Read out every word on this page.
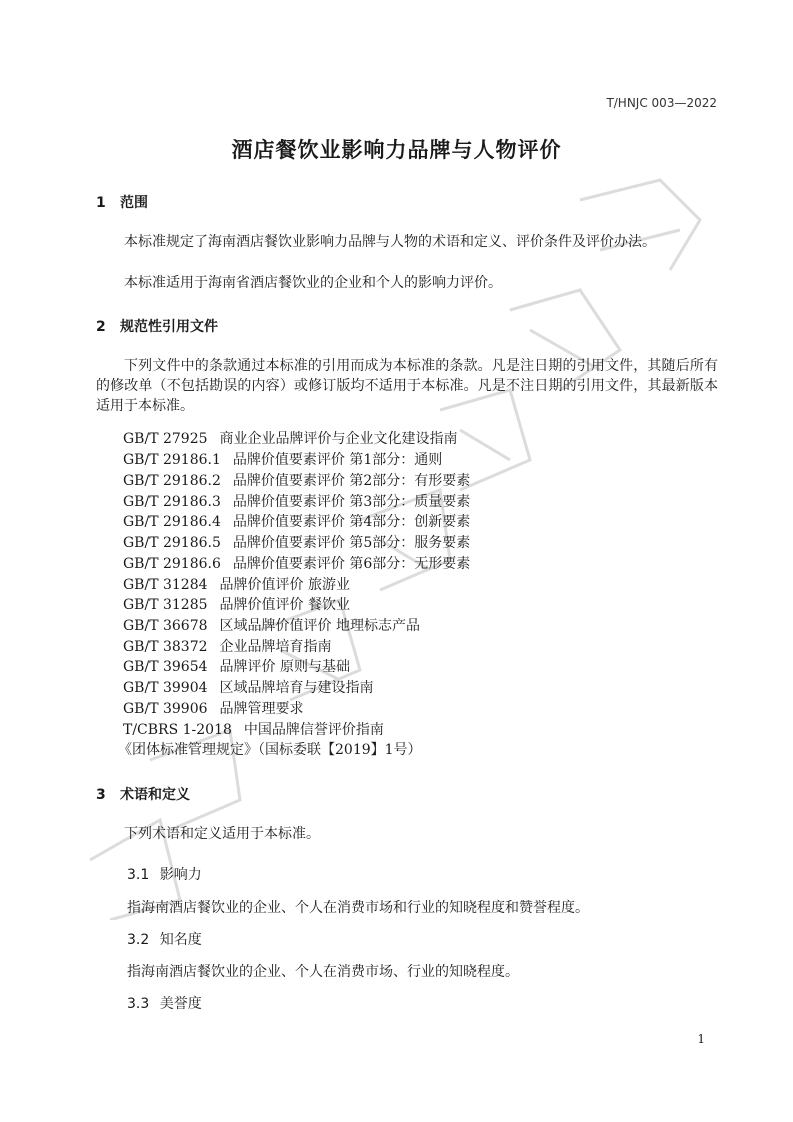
T/HNJC 003—2022
酒店餐饮业影响力品牌与人物评价
1 范围
本标准规定了海南酒店餐饮业影响力品牌与人物的术语和定义、评价条件及评价办法。
本标准适用于海南省酒店餐饮业的企业和个人的影响力评价。
2 规范性引用文件
下列文件中的条款通过本标准的引用而成为本标准的条款。凡是注日期的引用文件，其随后所有的修改单（不包括勘误的内容）或修订版均不适用于本标准。凡是不注日期的引用文件，其最新版本适用于本标准。
GB/T 27925 商业企业品牌评价与企业文化建设指南
GB/T 29186.1 品牌价值要素评价 第1部分：通则
GB/T 29186.2 品牌价值要素评价 第2部分：有形要素
GB/T 29186.3 品牌价值要素评价 第3部分：质量要素
GB/T 29186.4 品牌价值要素评价 第4部分：创新要素
GB/T 29186.5 品牌价值要素评价 第5部分：服务要素
GB/T 29186.6 品牌价值要素评价 第6部分：无形要素
GB/T 31284 品牌价值评价 旅游业
GB/T 31285 品牌价值评价 餐饮业
GB/T 36678 区域品牌价值评价 地理标志产品
GB/T 38372 企业品牌培育指南
GB/T 39654 品牌评价 原则与基础
GB/T 39904 区域品牌培育与建设指南
GB/T 39906 品牌管理要求
T/CBRS 1-2018 中国品牌信誉评价指南
《团体标准管理规定》（国标委联【2019】1号）
3 术语和定义
下列术语和定义适用于本标准。
3.1 影响力
指海南酒店餐饮业的企业、个人在消费市场和行业的知晓程度和赞誉程度。
3.2 知名度
指海南酒店餐饮业的企业、个人在消费市场、行业的知晓程度。
3.3 美誉度
1
